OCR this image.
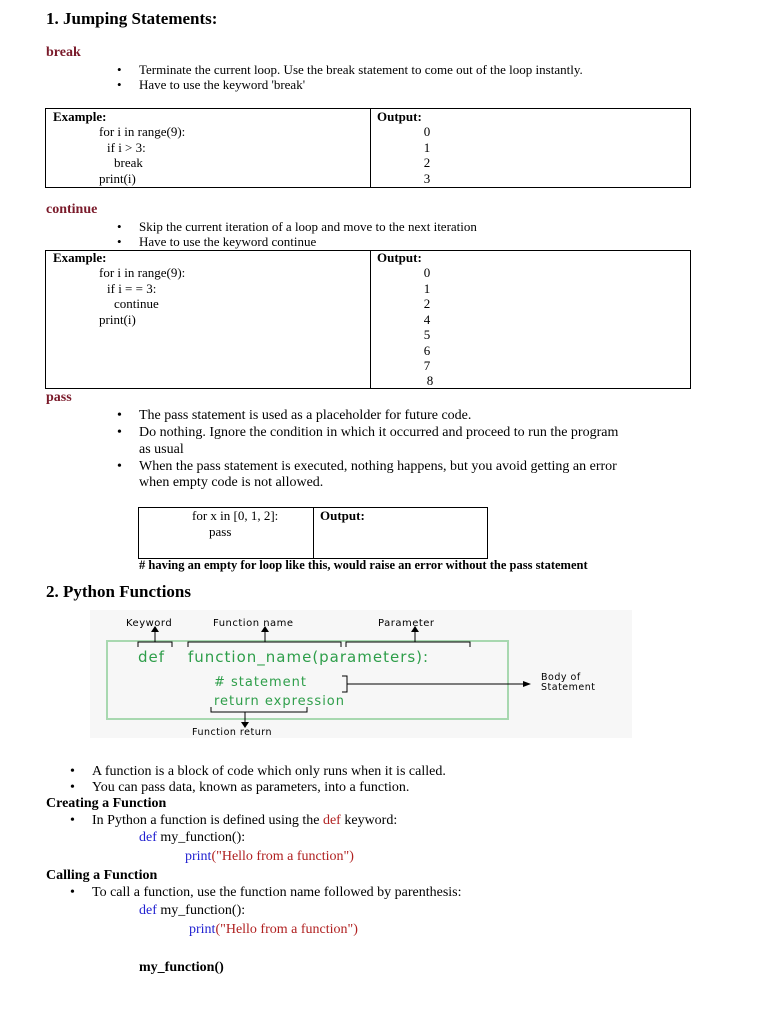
1. Jumping Statements:
break
• Terminate the current loop. Use the break statement to come out of the loop instantly.
• Have to use the keyword 'break'

Example:
for i in range(9):
if i > 3:
break
print(i)
Output:
0
1
2
3
continue
• Skip the current iteration of a loop and move to the next iteration
• Have to use the keyword continue

Example:
for i in range(9):
if i = = 3:
continue
print(i)
Output:
0
1
2
4
5
6
7
8
pass
• The pass statement is used as a placeholder for future code.
• Do nothing. Ignore the condition in which it occurred and proceed to run the program
as usual
• When the pass statement is executed, nothing happens, but you avoid getting an error
when empty code is not allowed.

for x in [0, 1, 2]:
pass
Output:
# having an empty for loop like this, would raise an error without the pass statement
2. Python Functions
Keyword	Function name	Parameter
def function_name(parameters):
# statement
return expression
Body of
Statement
Function return
• A function is a block of code which only runs when it is called.
• You can pass data, known as parameters, into a function.
Creating a Function
• In Python a function is defined using the def keyword:
def my_function():
print("Hello from a function")
Calling a Function
• To call a function, use the function name followed by parenthesis:
def my_function():
print("Hello from a function")
my_function()
